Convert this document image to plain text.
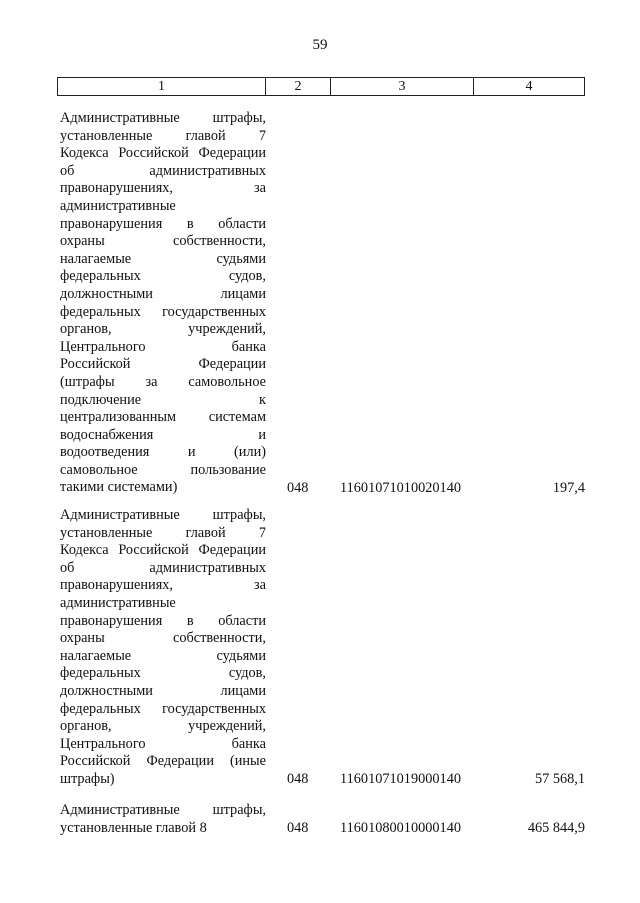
59
1	2	3	4
Административные штрафы,
установленные главой 7
Кодекса Российской Федерации
об административных
правонарушениях, за
административные
правонарушения в области
охраны собственности,
налагаемые судьями
федеральных судов,
должностными лицами
федеральных государственных
органов, учреждений,
Центрального банка
Российской Федерации
(штрафы за самовольное
подключение к
централизованным системам
водоснабжения и
водоотведения и (или)
самовольное пользование
такими системами)	048	11601071010020140	197,4
Административные штрафы,
установленные главой 7
Кодекса Российской Федерации
об административных
правонарушениях, за
административные
правонарушения в области
охраны собственности,
налагаемые судьями
федеральных судов,
должностными лицами
федеральных государственных
органов, учреждений,
Центрального банка
Российской Федерации (иные
штрафы)	048	11601071019000140	57 568,1
Административные штрафы,
установленные главой 8	048	11601080010000140	465 844,9
